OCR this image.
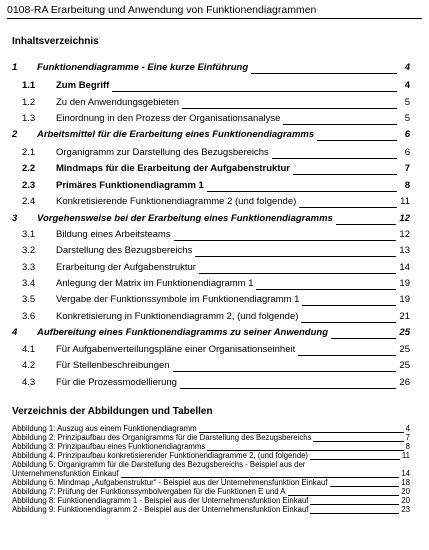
0108-RA Erarbeitung und Anwendung von Funktionendiagrammen
Inhaltsverzeichnis
1	Funktionendiagramme - Eine kurze Einführung	4
1.1	Zum Begriff	4
1.2	Zu den Anwendungsgebieten	5
1.3	Einordnung in den Prozess der Organisationsanalyse	5
2	Arbeitsmittel für die Erarbeitung eines Funktionendiagramms	6
2.1	Organigramm zur Darstellung des Bezugsbereichs	6
2.2	Mindmaps für die Erarbeitung der Aufgabenstruktur	7
2.3	Primäres Funktionendiagramm 1	8
2.4	Konkretisierende Funktionendiagramme 2 (und folgende)	11
3	Vorgehensweise bei der Erarbeitung eines Funktionendiagramms	12
3.1	Bildung eines Arbeitsteams	12
3.2	Darstellung des Bezugsbereichs	13
3.3	Erarbeitung der Aufgabenstruktur	14
3.4	Anlegung der Matrix im Funktionendiagramm 1	19
3.5	Vergabe der Funktionssymbole im Funktionendiagramm 1	19
3.6	Konkretisierung in Funktionendiagramm 2, (und folgende)	21
4	Aufbereitung eines Funktionendiagramms zu seiner Anwendung	25
4.1	Für Aufgabenverteilungspläne einer Organisationseinheit	25
4.2	Für Stellenbeschreibungen	25
4.3	Für die Prozessmodellierung	26
Verzeichnis der Abbildungen und Tabellen
Abbildung 1: Auszug aus einem Funktionendiagramm	4
Abbildung 2: Prinzipaufbau des Organigramms für die Darstellung des Bezugsbereichs	7
Abbildung 3: Prinzipaufbau eines Funktionendiagramms	8
Abbildung 4: Prinzipaufbau konkretisierender Funktionendiagramme 2, (und folgende)	11
Abbildung 5: Organigramm für die Darstellung des Bezugsbereichs - Beispiel aus der
Unternehmensfunktion Einkauf	14
Abbildung 6: Mindmap „Aufgabenstruktur“ - Beispiel aus der Unternehmensfunktion Einkauf	18
Abbildung 7: Prüfung der Funktionssymbolvergaben für die Funktionen E und A	20
Abbildung 8: Funktionendiagramm 1 - Beispiel aus der Unternehmensfunktion Einkauf	20
Abbildung 9: Funktionendiagramm 2 - Beispiel aus der Unternehmensfunktion Einkauf	23
